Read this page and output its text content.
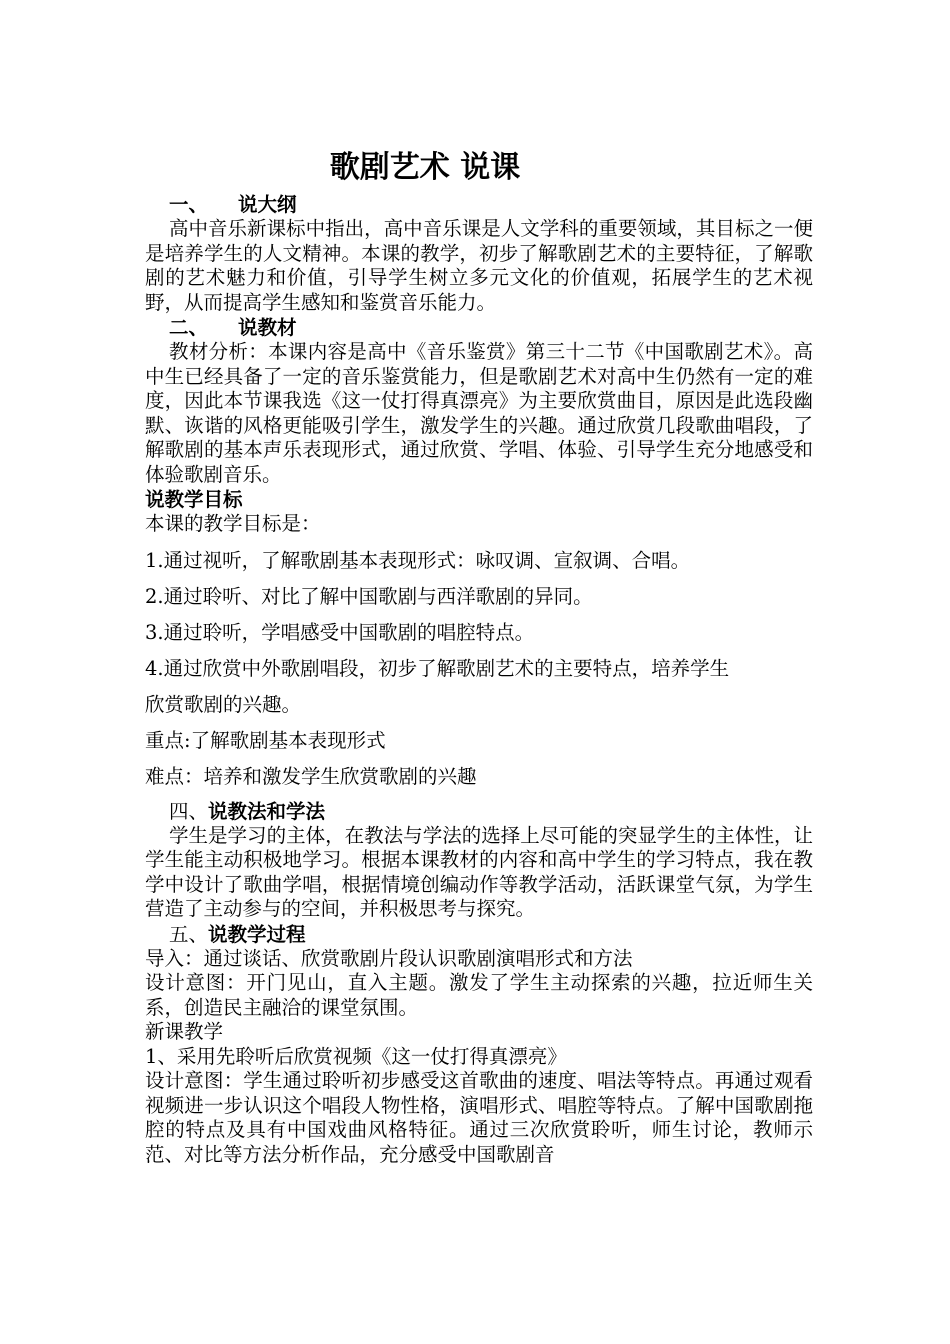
歌剧艺术 说课
一、 说大纲

高中音乐新课标中指出，高中音乐课是人文学科的重要领域，其目标之一便是培养学生的人文精神。本课的教学，初步了解歌剧艺术的主要特征，了解歌剧的艺术魅力和价值，引导学生树立多元文化的价值观，拓展学生的艺术视野，从而提高学生感知和鉴赏音乐能力。

二、 说教材

教材分析：本课内容是高中《音乐鉴赏》第三十二节《中国歌剧艺术》。高中生已经具备了一定的音乐鉴赏能力，但是歌剧艺术对高中生仍然有一定的难度，因此本节课我选《这一仗打得真漂亮》为主要欣赏曲目，原因是此选段幽默、诙谐的风格更能吸引学生，激发学生的兴趣。通过欣赏几段歌曲唱段，了解歌剧的基本声乐表现形式，通过欣赏、学唱、体验、引导学生充分地感受和体验歌剧音乐。

说教学目标
本课的教学目标是：
1.通过视听，了解歌剧基本表现形式：咏叹调、宣叙调、合唱。
2.通过聆听、对比了解中国歌剧与西洋歌剧的异同。
3.通过聆听，学唱感受中国歌剧的唱腔特点。
4.通过欣赏中外歌剧唱段，初步了解歌剧艺术的主要特点，培养学生
欣赏歌剧的兴趣。
重点:了解歌剧基本表现形式
难点：培养和激发学生欣赏歌剧的兴趣
四、说教法和学法

学生是学习的主体，在教法与学法的选择上尽可能的突显学生的主体性，让学生能主动积极地学习。根据本课教材的内容和高中学生的学习特点，我在教学中设计了歌曲学唱，根据情境创编动作等教学活动，活跃课堂气氛，为学生营造了主动参与的空间，并积极思考与探究。

五、说教学过程
导入：通过谈话、欣赏歌剧片段认识歌剧演唱形式和方法

设计意图：开门见山，直入主题。激发了学生主动探索的兴趣，拉近师生关系，创造民主融洽的课堂氛围。

新课教学
1、采用先聆听后欣赏视频《这一仗打得真漂亮》

设计意图：学生通过聆听初步感受这首歌曲的速度、唱法等特点。再通过观看视频进一步认识这个唱段人物性格，演唱形式、唱腔等特点。了解中国歌剧拖腔的特点及具有中国戏曲风格特征。通过三次欣赏聆听，师生讨论，教师示范、对比等方法分析作品，充分感受中国歌剧音
